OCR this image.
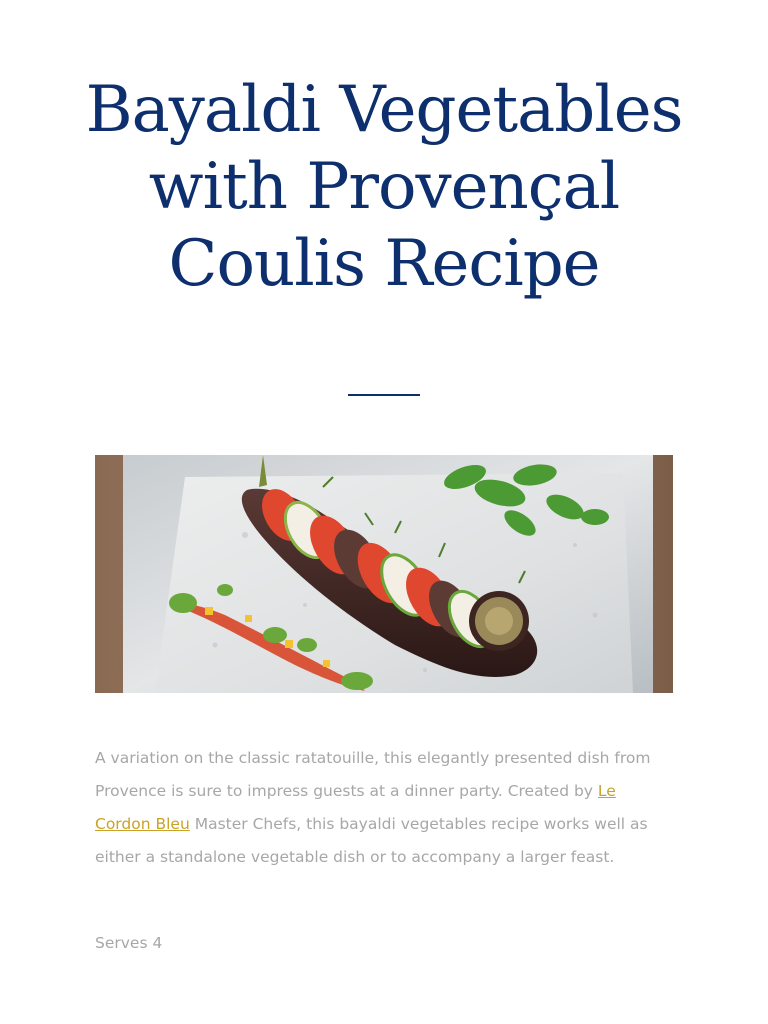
Bayaldi Vegetables with Provençal Coulis Recipe

A variation on the classic ratatouille, this elegantly presented dish from Provence is sure to impress guests at a dinner party. Created by Le Cordon Bleu Master Chefs, this bayaldi vegetables recipe works well as either a standalone vegetable dish or to accompany a larger feast.

Serves 4
